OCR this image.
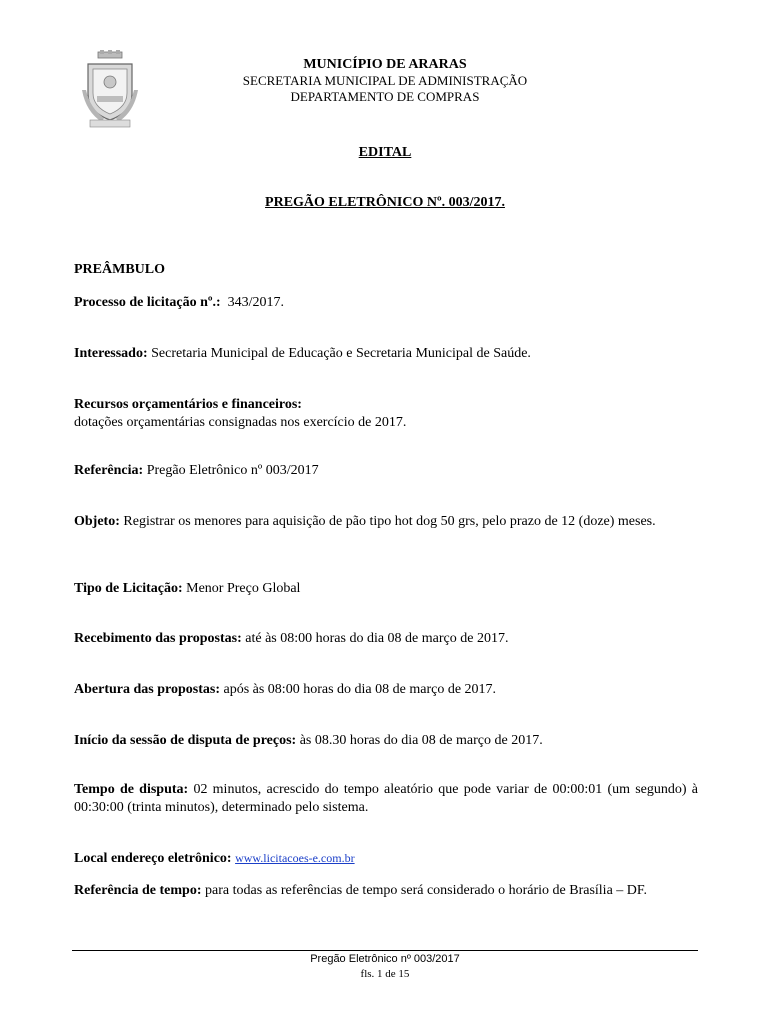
MUNICÍPIO DE ARARAS
SECRETARIA MUNICIPAL DE ADMINISTRAÇÃO
DEPARTAMENTO DE COMPRAS
EDITAL
PREGÃO ELETRÔNICO Nº. 003/2017.
PREÂMBULO
Processo de licitação nº.: 343/2017.
Interessado: Secretaria Municipal de Educação e Secretaria Municipal de Saúde.
Recursos orçamentários e financeiros:
dotações orçamentárias consignadas nos exercício de 2017.
Referência: Pregão Eletrônico nº 003/2017
Objeto: Registrar os menores para aquisição de pão tipo hot dog 50 grs, pelo prazo de 12 (doze) meses.
Tipo de Licitação: Menor Preço Global
Recebimento das propostas: até às 08:00 horas do dia 08 de março de 2017.
Abertura das propostas: após às 08:00 horas do dia 08 de março de 2017.
Início da sessão de disputa de preços: às 08.30 horas do dia 08 de março de 2017.
Tempo de disputa: 02 minutos, acrescido do tempo aleatório que pode variar de 00:00:01 (um segundo) à 00:30:00 (trinta minutos), determinado pelo sistema.
Local endereço eletrônico: www.licitacoes-e.com.br
Referência de tempo: para todas as referências de tempo será considerado o horário de Brasília – DF.
Pregão Eletrônico nº 003/2017
fls. 1 de 15
